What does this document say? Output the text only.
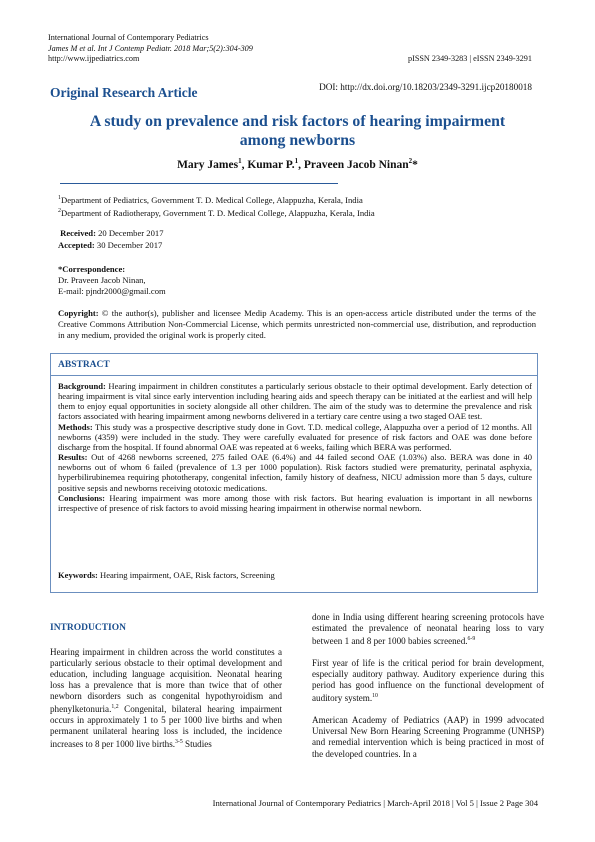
International Journal of Contemporary Pediatrics
James M et al. Int J Contemp Pediatr. 2018 Mar;5(2):304-309
http://www.ijpediatrics.com	pISSN 2349-3283 | eISSN 2349-3291
Original Research Article	DOI: http://dx.doi.org/10.18203/2349-3291.ijcp20180018
A study on prevalence and risk factors of hearing impairment
among newborns
Mary James$^1$, Kumar P.$^1$, Praveen Jacob Ninan$^2$*
$^1$Department of Pediatrics, Government T. D. Medical College, Alappuzha, Kerala, India
$^2$Department of Radiotherapy, Government T. D. Medical College, Alappuzha, Kerala, India
Received: 20 December 2017
Accepted: 30 December 2017
*Correspondence:
Dr. Praveen Jacob Ninan,
E-mail: pjndr2000@gmail.com
Copyright: © the author(s), publisher and licensee Medip Academy. This is an open-access article distributed under the terms of the Creative Commons Attribution Non-Commercial License, which permits unrestricted non-commercial use, distribution, and reproduction in any medium, provided the original work is properly cited.
ABSTRACT

Background: Hearing impairment in children constitutes a particularly serious obstacle to their optimal development. Early detection of hearing impairment is vital since early intervention including hearing aids and speech therapy can be initiated at the earliest and will help them to enjoy equal opportunities in society alongside all other children. The aim of the study was to determine the prevalence and risk factors associated with hearing impairment among newborns delivered in a tertiary care centre using a two staged OAE test.

Methods: This study was a prospective descriptive study done in Govt. T.D. medical college, Alappuzha over a period of 12 months. All newborns (4359) were included in the study. They were carefully evaluated for presence of risk factors and OAE was done before discharge from the hospital. If found abnormal OAE was repeated at 6 weeks, failing which BERA was performed.

Results: Out of 4268 newborns screened, 275 failed OAE (6.4%) and 44 failed second OAE (1.03%) also. BERA was done in 40 newborns out of whom 6 failed (prevalence of 1.3 per 1000 population). Risk factors studied were prematurity, perinatal asphyxia, hyperbilirubinemea requiring phototherapy, congenital infection, family history of deafness, NICU admission more than 5 days, culture positive sepsis and newborns receiving ototoxic medications.

Conclusions: Hearing impairment was more among those with risk factors. But hearing evaluation is important in all newborns irrespective of presence of risk factors to avoid missing hearing impairment in otherwise normal newborn.

Keywords: Hearing impairment, OAE, Risk factors, Screening
INTRODUCTION

Hearing impairment in children across the world constitutes a particularly serious obstacle to their optimal development and education, including language acquisition. Neonatal hearing loss has a prevalence that is more than twice that of other newborn disorders such as congenital hypothyroidism and phenylketonuria.$^{1,2}$ Congenital, bilateral hearing impairment occurs in approximately 1 to 5 per 1000 live births and when permanent unilateral hearing loss is included, the incidence increases to 8 per 1000 live births.$^{3-5}$ Studies

done in India using different hearing screening protocols have estimated the prevalence of neonatal hearing loss to vary between 1 and 8 per 1000 babies screened.$^{6-9}$

First year of life is the critical period for brain development, especially auditory pathway. Auditory experience during this period has good influence on the functional development of auditory system.$^{10}$

American Academy of Pediatrics (AAP) in 1999 advocated Universal New Born Hearing Screening Programme (UNHSP) and remedial intervention which is being practiced in most of the developed countries. In a

International Journal of Contemporary Pediatrics | March-April 2018 | Vol 5 | Issue 2 Page 304
